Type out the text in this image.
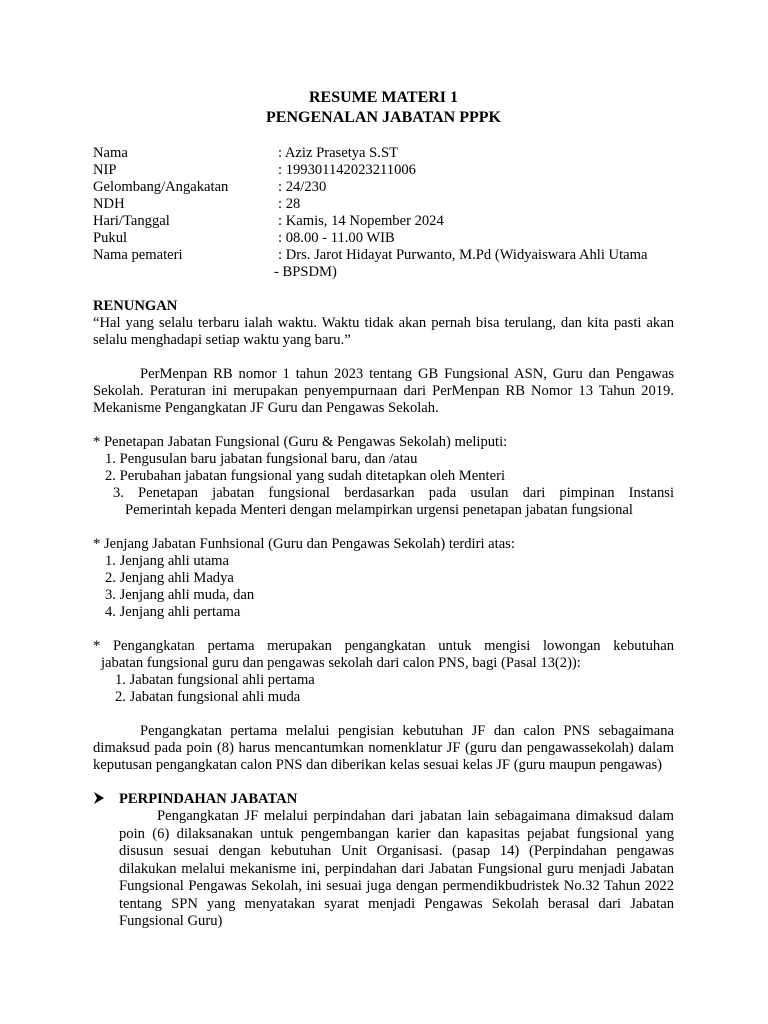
RESUME MATERI 1
PENGENALAN JABATAN PPPK
Nama	: Aziz Prasetya S.ST
NIP	: 199301142023211006
Gelombang/Angakatan	: 24/230
NDH	: 28
Hari/Tanggal	: Kamis, 14 Nopember 2024
Pukul	: 08.00 - 11.00 WIB
Nama pemateri	: Drs. Jarot Hidayat Purwanto, M.Pd (Widyaiswara Ahli Utama
- BPSDM)

RENUNGAN

“Hal yang selalu terbaru ialah waktu. Waktu tidak akan pernah bisa terulang, dan kita pasti akan selalu menghadapi setiap waktu yang baru.”

PerMenpan RB nomor 1 tahun 2023 tentang GB Fungsional ASN, Guru dan Pengawas Sekolah. Peraturan ini merupakan penyempurnaan dari PerMenpan RB Nomor 13 Tahun 2019. Mekanisme Pengangkatan JF Guru dan Pengawas Sekolah.

* Penetapan Jabatan Fungsional (Guru & Pengawas Sekolah) meliputi:

1. Pengusulan baru jabatan fungsional baru, dan /atau
2. Perubahan jabatan fungsional yang sudah ditetapkan oleh Menteri
3. Penetapan jabatan fungsional berdasarkan pada usulan dari pimpinan Instansi
Pemerintah kepada Menteri dengan melampirkan urgensi penetapan jabatan fungsional

* Jenjang Jabatan Funhsional (Guru dan Pengawas Sekolah) terdiri atas:

1. Jenjang ahli utama
2. Jenjang ahli Madya
3. Jenjang ahli muda, dan
4. Jenjang ahli pertama

* Pengangkatan pertama merupakan pengangkatan untuk mengisi lowongan kebutuhan

jabatan fungsional guru dan pengawas sekolah dari calon PNS, bagi (Pasal 13(2)):
1. Jabatan fungsional ahli pertama
2. Jabatan fungsional ahli muda

Pengangkatan pertama melalui pengisian kebutuhan JF dan calon PNS sebagaimana dimaksud pada poin (8) harus mencantumkan nomenklatur JF (guru dan pengawassekolah) dalam keputusan pengangkatan calon PNS dan diberikan kelas sesuai kelas JF (guru maupun pengawas)

PERPINDAHAN JABATAN

Pengangkatan JF melalui perpindahan dari jabatan lain sebagaimana dimaksud dalam poin (6) dilaksanakan untuk pengembangan karier dan kapasitas pejabat fungsional yang disusun sesuai dengan kebutuhan Unit Organisasi. (pasap 14) (Perpindahan pengawas dilakukan melalui mekanisme ini, perpindahan dari Jabatan Fungsional guru menjadi Jabatan Fungsional Pengawas Sekolah, ini sesuai juga dengan permendikbudristek No.32 Tahun 2022 tentang SPN yang menyatakan syarat menjadi Pengawas Sekolah berasal dari Jabatan Fungsional Guru)
